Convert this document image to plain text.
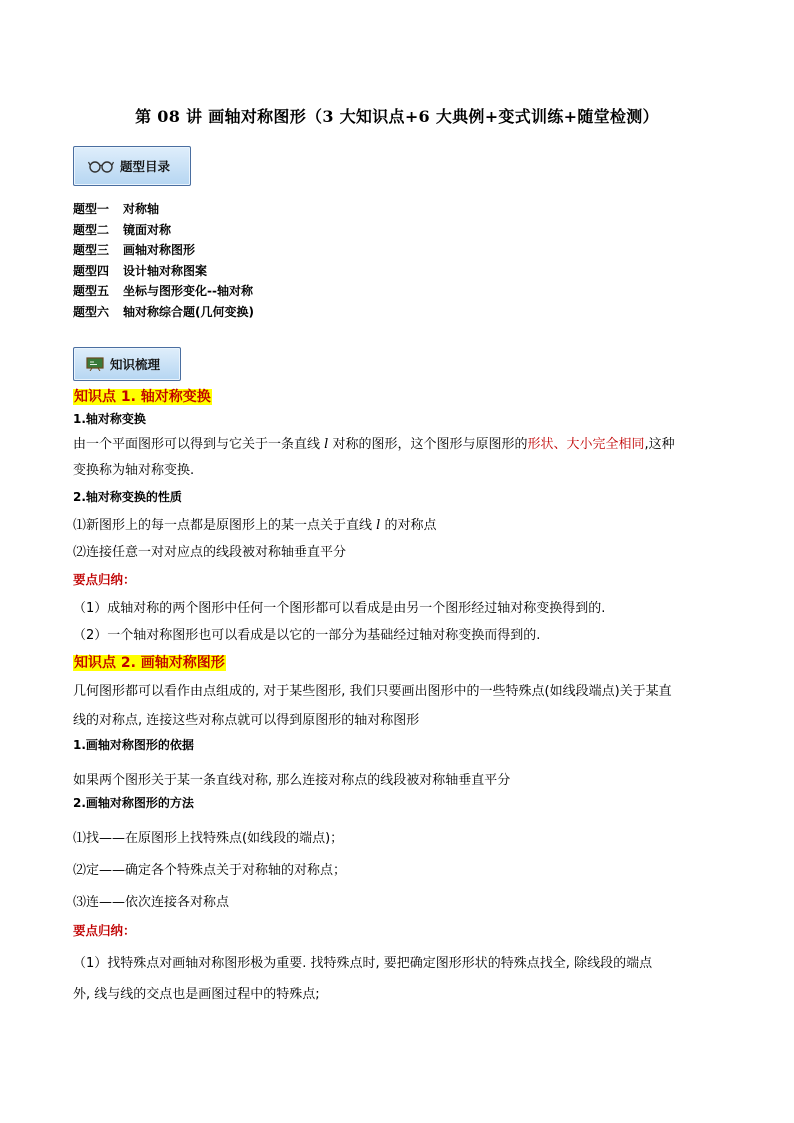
第 08 讲 画轴对称图形（3 大知识点+6 大典例+变式训练+随堂检测）
题型目录
题型一 对称轴
题型二 镜面对称
题型三 画轴对称图形
题型四 设计轴对称图案
题型五 坐标与图形变化--轴对称
题型六 轴对称综合题(几何变换)
知识梳理
知识点 1. 轴对称变换
1.轴对称变换
由一个平面图形可以得到与它关于一条直线 l 对称的图形，这个图形与原图形的形状、大小完全相同,这种
变换称为轴对称变换.
2.轴对称变换的性质
⑴新图形上的每一点都是原图形上的某一点关于直线 l 的对称点
⑵连接任意一对对应点的线段被对称轴垂直平分
要点归纳：
（1）成轴对称的两个图形中任何一个图形都可以看成是由另一个图形经过轴对称变换得到的.
（2）一个轴对称图形也可以看成是以它的一部分为基础经过轴对称变换而得到的.
知识点 2. 画轴对称图形
几何图形都可以看作由点组成的, 对于某些图形, 我们只要画出图形中的一些特殊点(如线段端点)关于某直
线的对称点, 连接这些对称点就可以得到原图形的轴对称图形
1.画轴对称图形的依据
如果两个图形关于某一条直线对称, 那么连接对称点的线段被对称轴垂直平分
2.画轴对称图形的方法
⑴找——在原图形上找特殊点(如线段的端点)；
⑵定——确定各个特殊点关于对称轴的对称点；
⑶连——依次连接各对称点
要点归纳：
（1）找特殊点对画轴对称图形极为重要. 找特殊点时, 要把确定图形形状的特殊点找全, 除线段的端点
外, 线与线的交点也是画图过程中的特殊点;
